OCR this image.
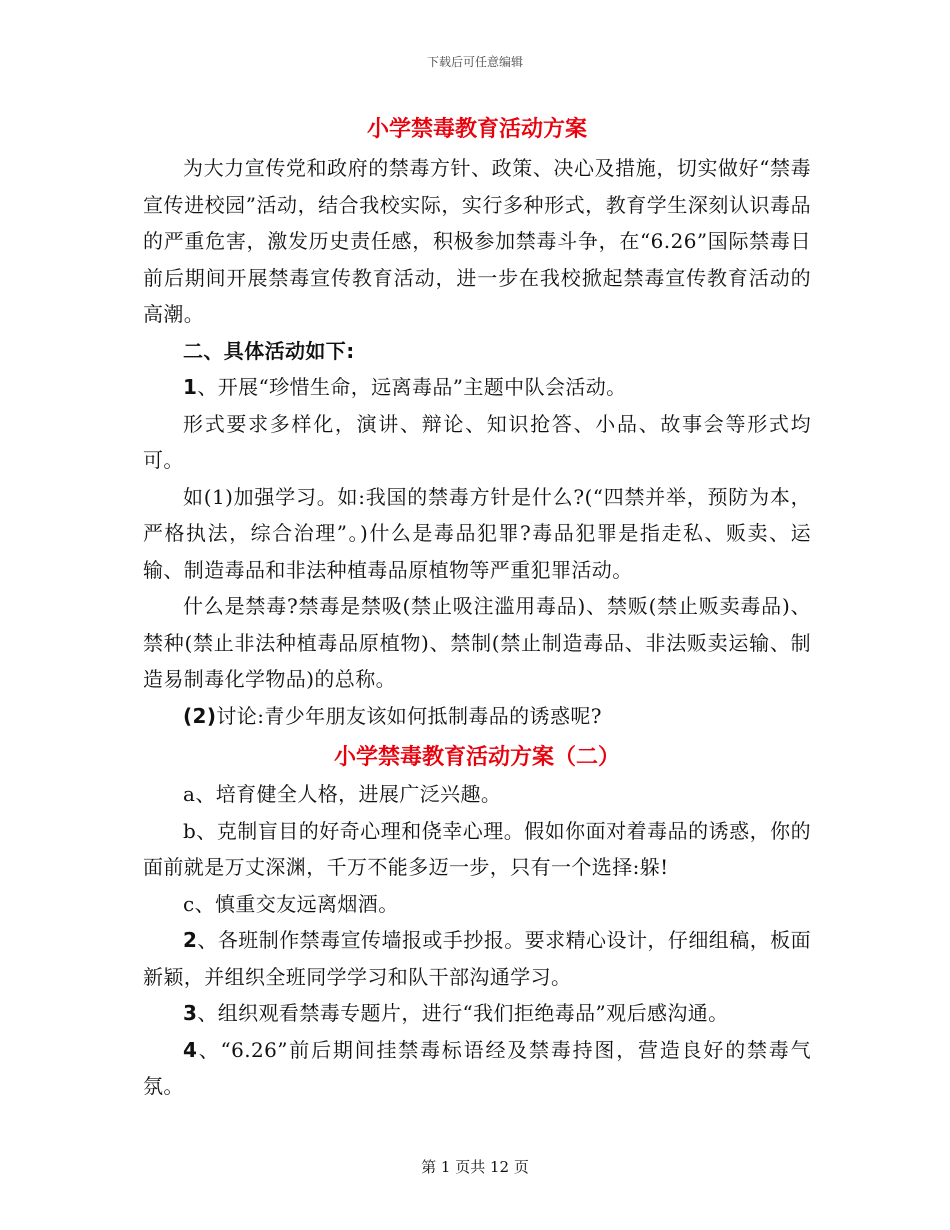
下载后可任意编辑
小学禁毒教育活动方案

为大力宣传党和政府的禁毒方针、政策、决心及措施，切实做好“禁毒宣传进校园”活动，结合我校实际，实行多种形式，教育学生深刻认识毒品的严重危害，激发历史责任感，积极参加禁毒斗争，在“6.26”国际禁毒日前后期间开展禁毒宣传教育活动，进一步在我校掀起禁毒宣传教育活动的高潮。

二、具体活动如下:

1、开展“珍惜生命，远离毒品”主题中队会活动。

形式要求多样化，演讲、辩论、知识抢答、小品、故事会等形式均可。

如(1)加强学习。如:我国的禁毒方针是什么?(“四禁并举，预防为本，严格执法，综合治理”。)什么是毒品犯罪?毒品犯罪是指走私、贩卖、运输、制造毒品和非法种植毒品原植物等严重犯罪活动。

什么是禁毒?禁毒是禁吸(禁止吸注滥用毒品)、禁贩(禁止贩卖毒品)、禁种(禁止非法种植毒品原植物)、禁制(禁止制造毒品、非法贩卖运输、制造易制毒化学物品)的总称。

(2)讨论:青少年朋友该如何抵制毒品的诱惑呢?

小学禁毒教育活动方案（二）

a、培育健全人格，进展广泛兴趣。

b、克制盲目的好奇心理和侥幸心理。假如你面对着毒品的诱惑，你的面前就是万丈深渊，千万不能多迈一步，只有一个选择:躲!

c、慎重交友远离烟酒。

2、各班制作禁毒宣传墙报或手抄报。要求精心设计，仔细组稿，板面新颖，并组织全班同学学习和队干部沟通学习。

3、组织观看禁毒专题片，进行“我们拒绝毒品”观后感沟通。

4、“6.26”前后期间挂禁毒标语经及禁毒持图，营造良好的禁毒气氛。

第 1 页共 12 页
